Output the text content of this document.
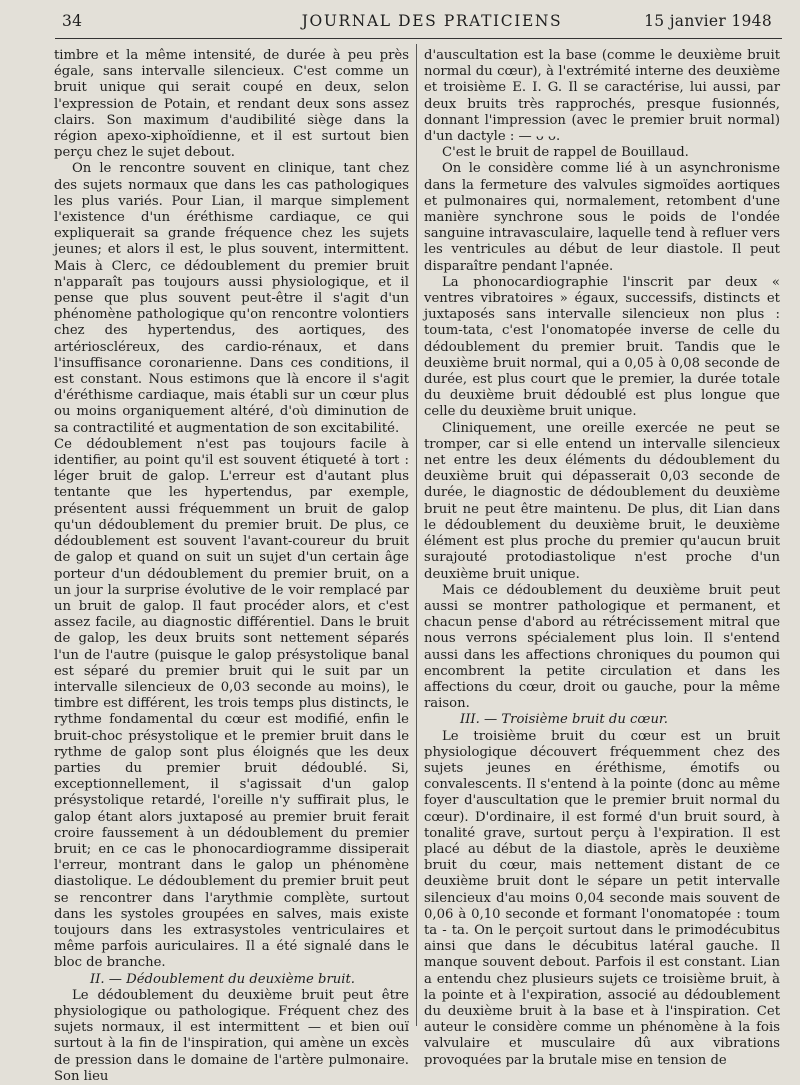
34	JOURNAL DES PRATICIENS	15 janvier 1948

timbre et la même intensité, de durée à peu près égale, sans intervalle silencieux. C'est comme un bruit unique qui serait coupé en deux, selon l'expression de Potain, et rendant deux sons assez clairs. Son maximum d'audibilité siège dans la région apexo-xiphoïdienne, et il est surtout bien perçu chez le sujet debout.

On le rencontre souvent en clinique, tant chez des sujets normaux que dans les cas pathologiques les plus variés. Pour Lian, il marque simplement l'existence d'un éréthisme cardiaque, ce qui expliquerait sa grande fréquence chez les sujets jeunes; et alors il est, le plus souvent, intermittent. Mais à Clerc, ce dédoublement du premier bruit n'apparaît pas toujours aussi physiologique, et il pense que plus souvent peut-être il s'agit d'un phénomène pathologique qu'on rencontre volontiers chez des hypertendus, des aortiques, des artérioscléreux, des cardio-rénaux, et dans l'insuffisance coronarienne. Dans ces conditions, il est constant. Nous estimons que là encore il s'agit d'éréthisme cardiaque, mais établi sur un cœur plus ou moins organiquement altéré, d'où diminution de sa contractilité et augmentation de son excitabilité.

Ce dédoublement n'est pas toujours facile à identifier, au point qu'il est souvent étiqueté à tort : léger bruit de galop. L'erreur est d'autant plus tentante que les hypertendus, par exemple, présentent aussi fréquemment un bruit de galop qu'un dédoublement du premier bruit. De plus, ce dédoublement est souvent l'avant-coureur du bruit de galop et quand on suit un sujet d'un certain âge porteur d'un dédoublement du premier bruit, on a un jour la surprise évolutive de le voir remplacé par un bruit de galop. Il faut procéder alors, et c'est assez facile, au diagnostic différentiel. Dans le bruit de galop, les deux bruits sont nettement séparés l'un de l'autre (puisque le galop présystolique banal est séparé du premier bruit qui le suit par un intervalle silencieux de 0,03 seconde au moins), le timbre est différent, les trois temps plus distincts, le rythme fondamental du cœur est modifié, enfin le bruit-choc présystolique et le premier bruit dans le rythme de galop sont plus éloignés que les deux parties du premier bruit dédoublé. Si, exceptionnellement, il s'agissait d'un galop présystolique retardé, l'oreille n'y suffirait plus, le galop étant alors juxtaposé au premier bruit ferait croire faussement à un dédoublement du premier bruit; en ce cas le phonocardiogramme dissiperait l'erreur, montrant dans le galop un phénomène diastolique. Le dédoublement du premier bruit peut se rencontrer dans l'arythmie complète, surtout dans les systoles groupées en salves, mais existe toujours dans les extrasystoles ventriculaires et même parfois auriculaires. Il a été signalé dans le bloc de branche.

II. — Dédoublement du deuxième bruit.

Le dédoublement du deuxième bruit peut être physiologique ou pathologique. Fréquent chez des sujets normaux, il est intermittent — et bien ouï surtout à la fin de l'inspiration, qui amène un excès de pression dans le domaine de l'artère pulmonaire. Son lieu

d'auscultation est la base (comme le deuxième bruit normal du cœur), à l'extrémité interne des deuxième et troisième E. I. G. Il se caractérise, lui aussi, par deux bruits très rapprochés, presque fusionnés, donnant l'impression (avec le premier bruit normal) d'un dactyle : — ᴗ ᴗ.

C'est le bruit de rappel de Bouillaud.

On le considère comme lié à un asynchronisme dans la fermeture des valvules sigmoïdes aortiques et pulmonaires qui, normalement, retombent d'une manière synchrone sous le poids de l'ondée sanguine intravasculaire, laquelle tend à refluer vers les ventricules au début de leur diastole. Il peut disparaître pendant l'apnée.

La phonocardiographie l'inscrit par deux « ventres vibratoires » égaux, successifs, distincts et juxtaposés sans intervalle silencieux non plus : toum-tata, c'est l'onomatopée inverse de celle du dédoublement du premier bruit. Tandis que le deuxième bruit normal, qui a 0,05 à 0,08 seconde de durée, est plus court que le premier, la durée totale du deuxième bruit dédoublé est plus longue que celle du deuxième bruit unique.

Cliniquement, une oreille exercée ne peut se tromper, car si elle entend un intervalle silencieux net entre les deux éléments du dédoublement du deuxième bruit qui dépasserait 0,03 seconde de durée, le diagnostic de dédoublement du deuxième bruit ne peut être maintenu. De plus, dit Lian dans le dédoublement du deuxième bruit, le deuxième élément est plus proche du premier qu'aucun bruit surajouté protodiastolique n'est proche d'un deuxième bruit unique.

Mais ce dédoublement du deuxième bruit peut aussi se montrer pathologique et permanent, et chacun pense d'abord au rétrécissement mitral que nous verrons spécialement plus loin. Il s'entend aussi dans les affections chroniques du poumon qui encombrent la petite circulation et dans les affections du cœur, droit ou gauche, pour la même raison.

III. — Troisième bruit du cœur.

Le troisième bruit du cœur est un bruit physiologique découvert fréquemment chez des sujets jeunes en éréthisme, émotifs ou convalescents. Il s'entend à la pointe (donc au même foyer d'auscultation que le premier bruit normal du cœur). D'ordinaire, il est formé d'un bruit sourd, à tonalité grave, surtout perçu à l'expiration. Il est placé au début de la diastole, après le deuxième bruit du cœur, mais nettement distant de ce deuxième bruit dont le sépare un petit intervalle silencieux d'au moins 0,04 seconde mais souvent de 0,06 à 0,10 seconde et formant l'onomatopée : toum ta - ta. On le perçoit surtout dans le primodécubitus ainsi que dans le décubitus latéral gauche. Il manque souvent debout. Parfois il est constant. Lian a entendu chez plusieurs sujets ce troisième bruit, à la pointe et à l'expiration, associé au dédoublement du deuxième bruit à la base et à l'inspiration. Cet auteur le considère comme un phénomène à la fois valvulaire et musculaire dû aux vibrations provoquées par la brutale mise en tension de
